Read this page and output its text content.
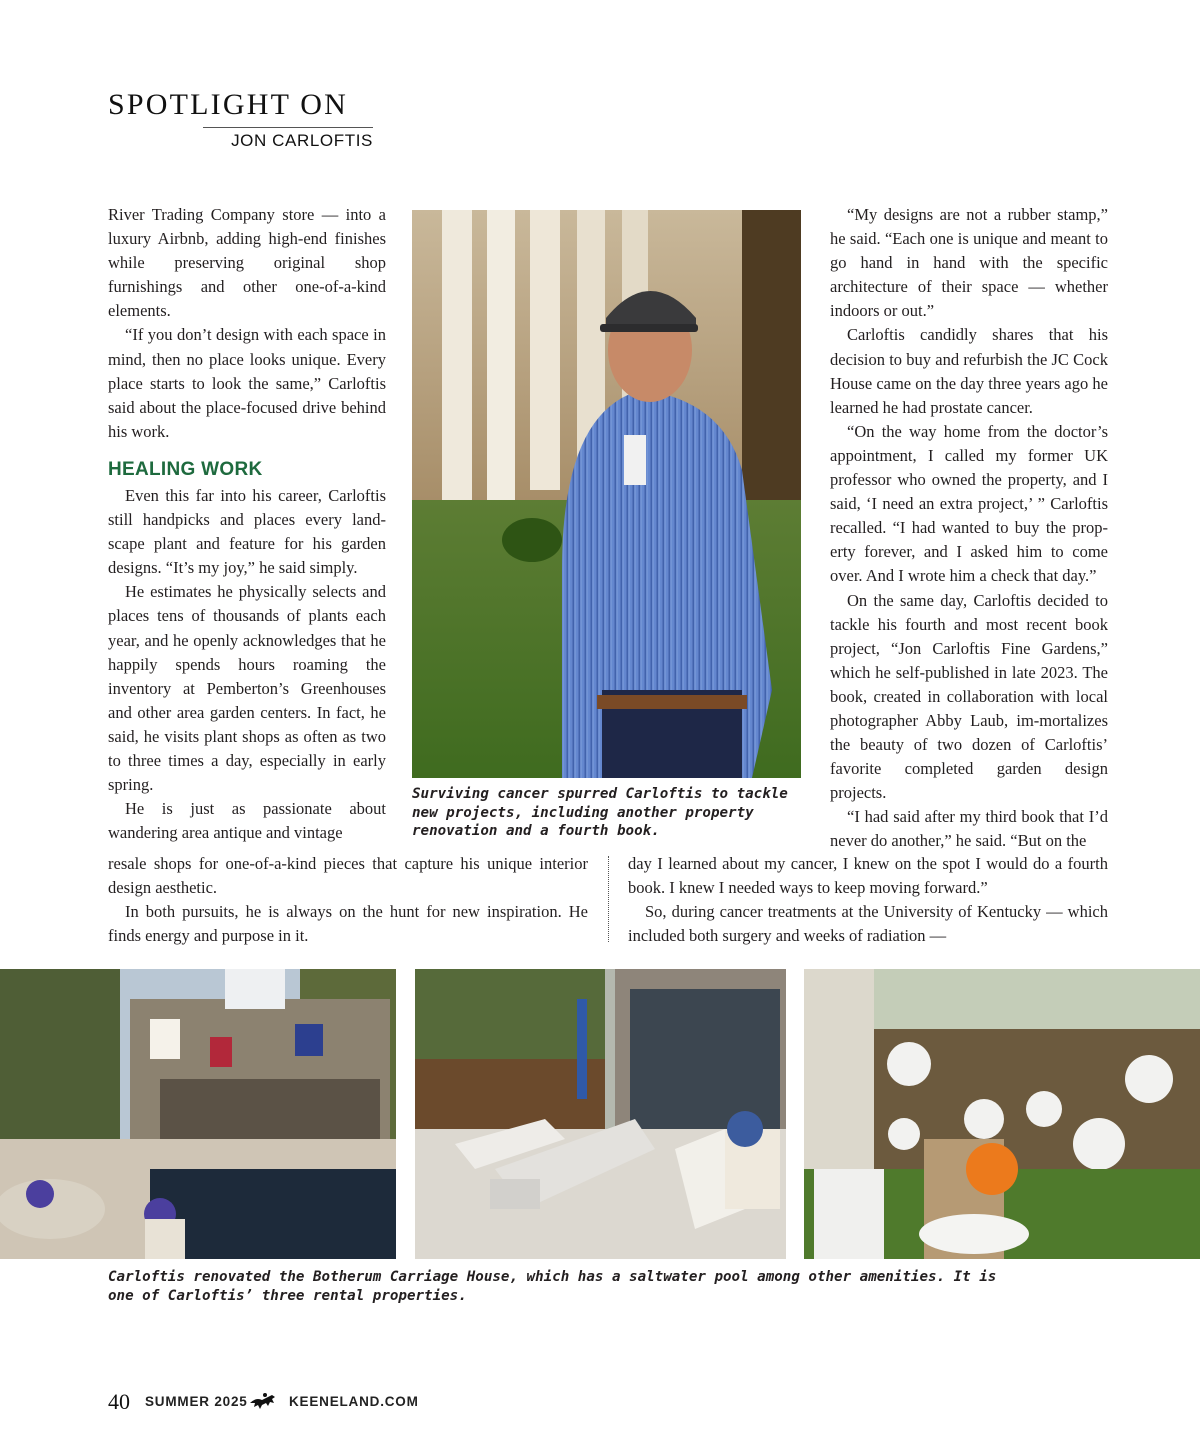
SPOTLIGHT ON
JON CARLOFTIS

River Trading Company store — into a luxury Airbnb, adding high-end finishes while preserving original shop furnishings and other one-of-a-kind elements.

“If you don’t design with each space in mind, then no place looks unique. Every place starts to look the same,” Carloftis said about the place-focused drive behind his work.

HEALING WORK

Even this far into his career, Carloftis still handpicks and places every land-scape plant and feature for his garden designs. “It’s my joy,” he said simply.

He estimates he physically selects and places tens of thousands of plants each year, and he openly acknowledges that he happily spends hours roaming the inventory at Pemberton’s Greenhouses and other area garden centers. In fact, he said, he visits plant shops as often as two to three times a day, especially in early spring.

He is just as passionate about wandering area antique and vintage

Surviving cancer spurred Carloftis to tackle new projects, including another property renovation and a fourth book.

“My designs are not a rubber stamp,” he said. “Each one is unique and meant to go hand in hand with the specific architecture of their space — whether indoors or out.”

Carloftis candidly shares that his decision to buy and refurbish the JC Cock House came on the day three years ago he learned he had prostate cancer.

“On the way home from the doctor’s appointment, I called my former UK professor who owned the property, and I said, ‘I need an extra project,’ ” Carloftis recalled. “I had wanted to buy the prop-erty forever, and I asked him to come over. And I wrote him a check that day.”

On the same day, Carloftis decided to tackle his fourth and most recent book project, “Jon Carloftis Fine Gardens,” which he self-published in late 2023. The book, created in collaboration with local photographer Abby Laub, im-mortalizes the beauty of two dozen of Carloftis’ favorite completed garden design projects.

“I had said after my third book that I’d never do another,” he said. “But on the

resale shops for one-of-a-kind pieces that capture his unique interior design aesthetic.

In both pursuits, he is always on the hunt for new inspiration. He finds energy and purpose in it.

day I learned about my cancer, I knew on the spot I would do a fourth book. I knew I needed ways to keep moving forward.”

So, during cancer treatments at the University of Kentucky — which included both surgery and weeks of radiation —

Carloftis renovated the Botherum Carriage House, which has a saltwater pool among other amenities. It is one of Carloftis’ three rental properties.
40 SUMMER 2025	KEENELAND.COM
